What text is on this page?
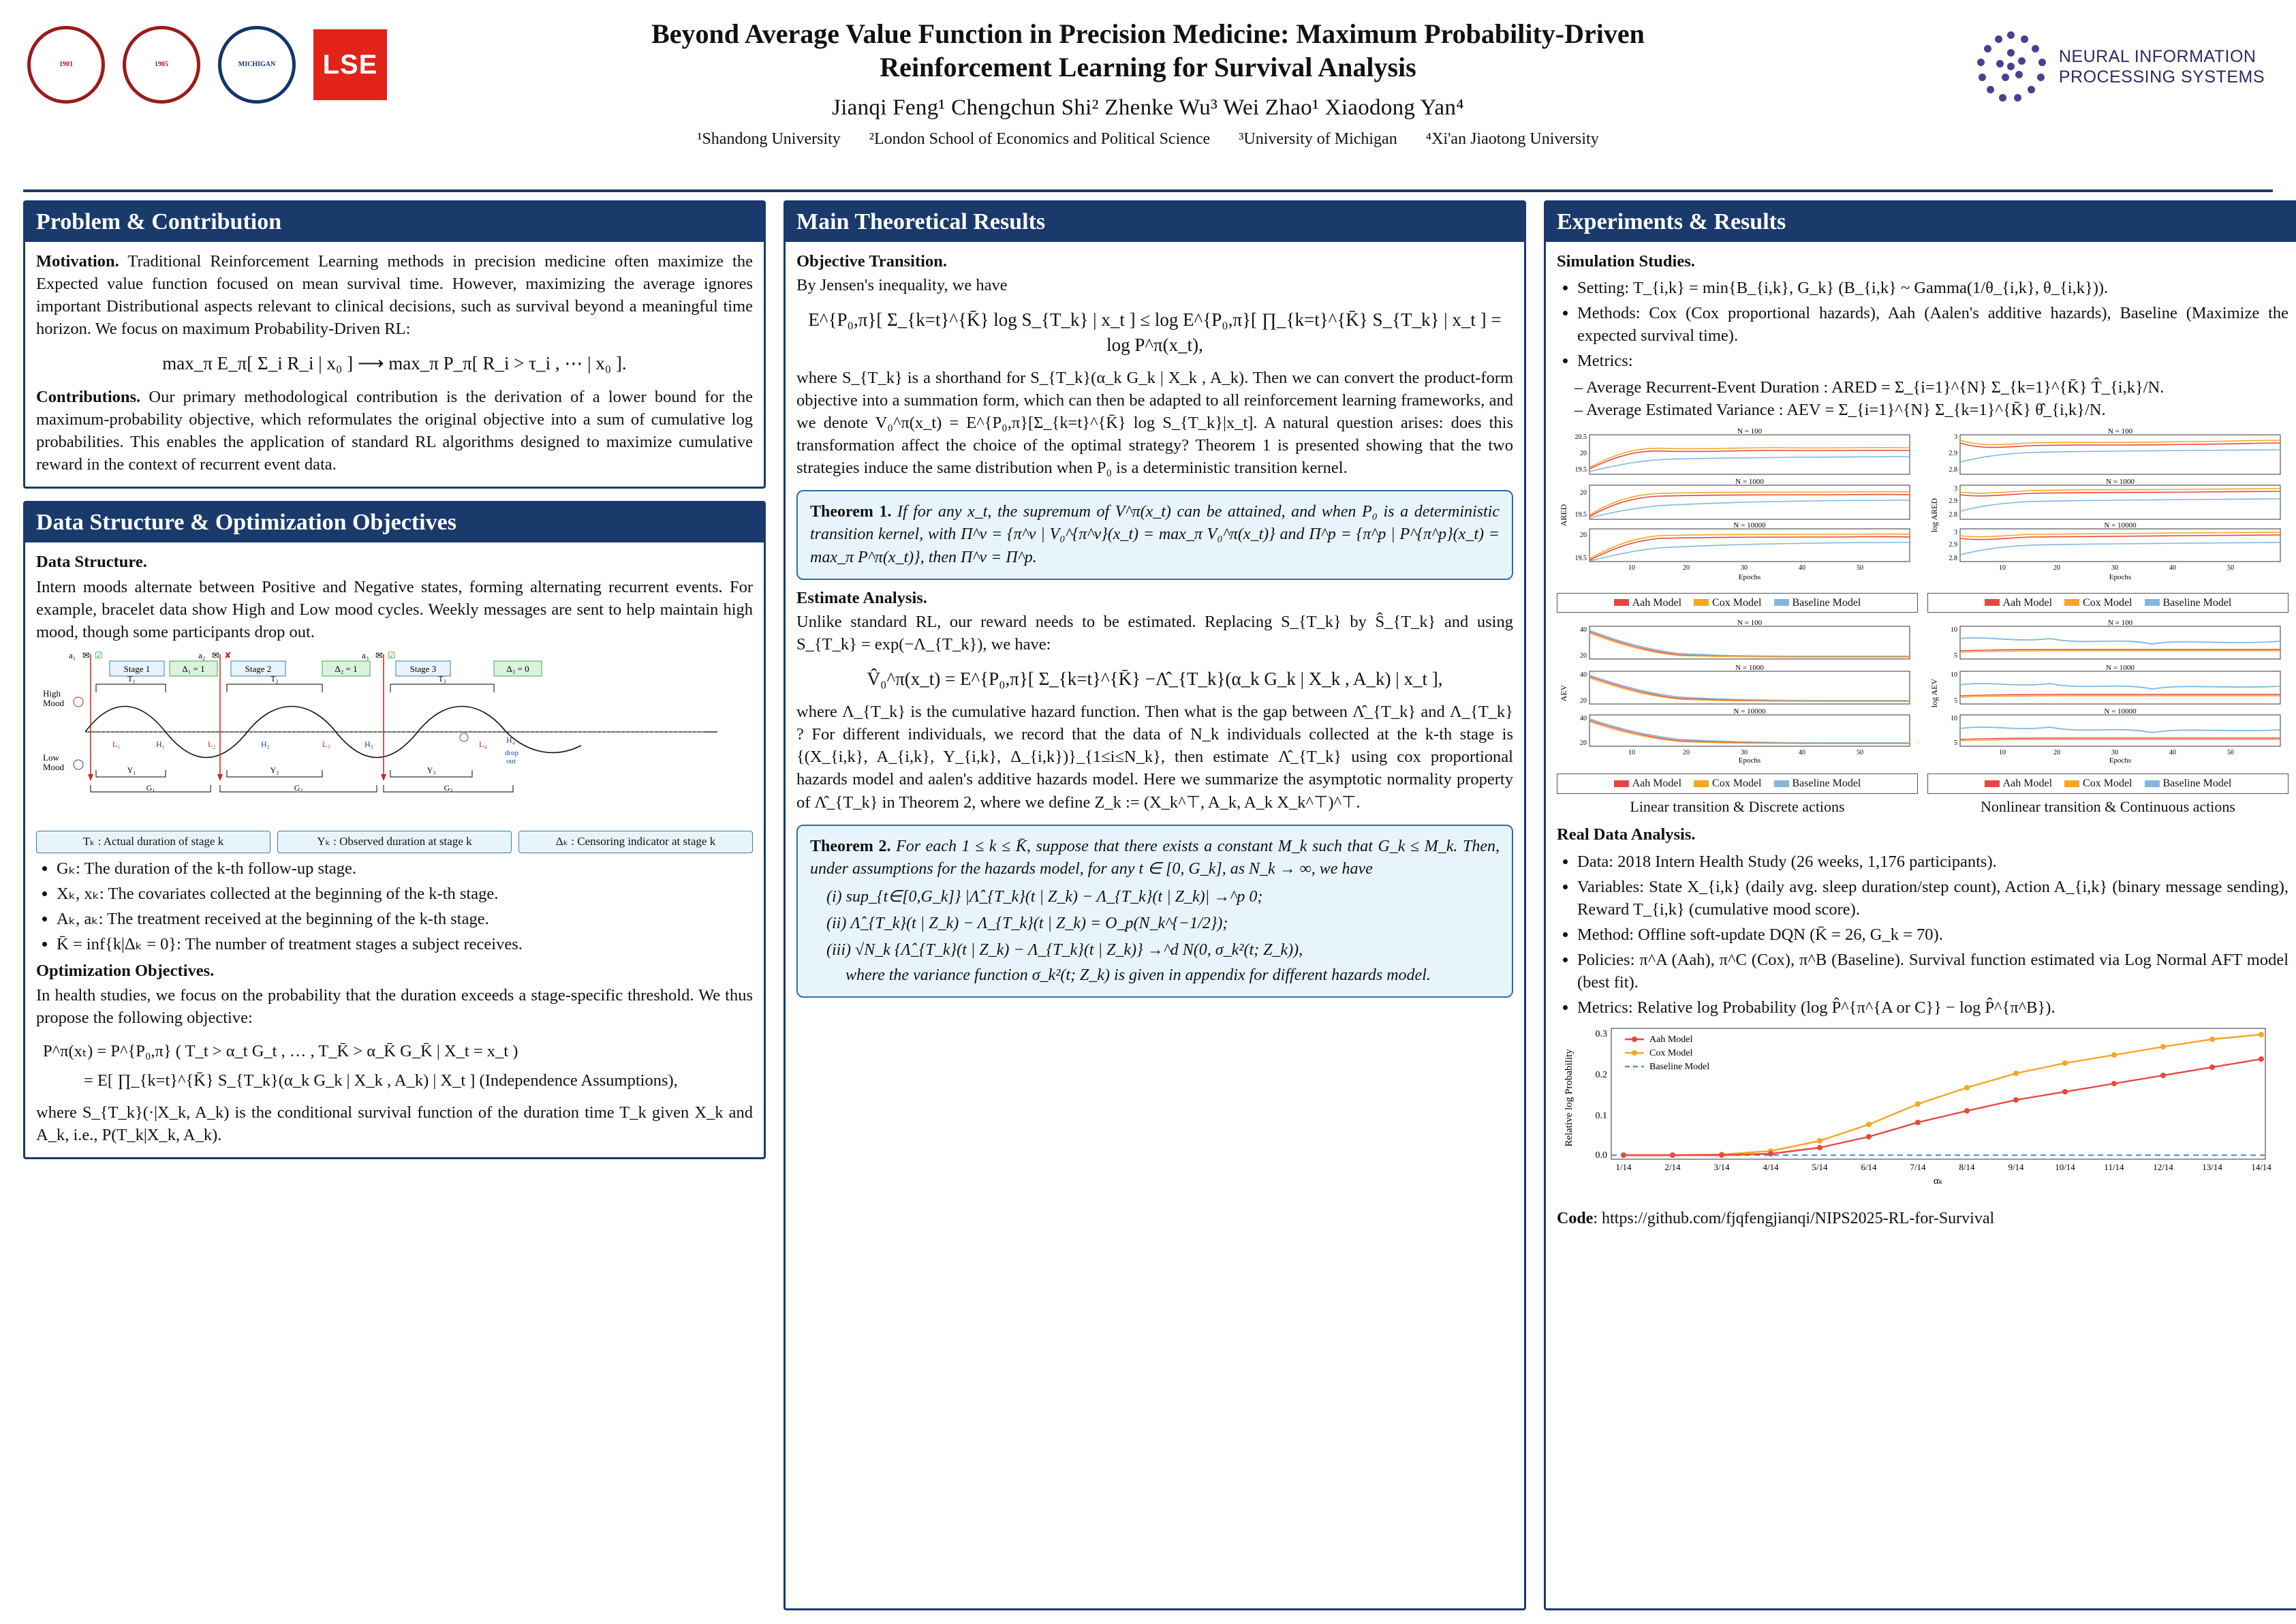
1901	1905	MICHIGAN LSE
Beyond Average Value Function in Precision Medicine: Maximum Probability-Driven
Reinforcement Learning for Survival Analysis
Jianqi Feng¹ Chengchun Shi² Zhenke Wu³ Wei Zhao¹ Xiaodong Yan⁴
¹Shandong University ²London School of Economics and Political Science ³University of Michigan ⁴Xi'an Jiaotong University
NEURAL INFORMATION
PROCESSING SYSTEMS
Problem & Contribution

Motivation. Traditional Reinforcement Learning methods in precision medicine often maximize the Expected value function focused on mean survival time. However, maximizing the average ignores important Distributional aspects relevant to clinical decisions, such as survival beyond a meaningful time horizon. We focus on maximum Probability-Driven RL:

max_π E_π[ Σ_i R_i | x₀ ] ⟶ max_π P_π[ R_i > τ_i , ⋯ | x₀ ].

Contributions. Our primary methodological contribution is the derivation of a lower bound for the maximum-probability objective, which reformulates the original objective into a sum of cumulative log probabilities. This enables the application of standard RL algorithms designed to maximize cumulative reward in the context of recurrent event data.

Data Structure & Optimization Objectives

Data Structure.

Intern moods alternate between Positive and Negative states, forming alternating recurrent events. For example, bracelet data show High and Low mood cycles. Weekly messages are sent to help maintain high mood, though some participants drop out.

Stage 1	Δ₁ = 1	Stage 2	Δ₂ = 1	Stage 3	Δ₃ = 0
a₁ ✉ ☑	a₂ ✉ ✘	a₃ ✉ ☑
High
Mood
Low
Mood
T₁	T₂	T₃
L₁	H₁	L₂	H₂	L₃	H₃	L₄ H₄
drop
out
Y₁	Y₂	Y₃
G₁	G₂	G₃
Tₖ : Actual duration of stage k	Yₖ : Observed duration at stage k	Δₖ : Censoring indicator at stage k
• Gₖ: The duration of the k-th follow-up stage.
• Xₖ, xₖ: The covariates collected at the beginning of the k-th stage.
• Aₖ, aₖ: The treatment received at the beginning of the k-th stage.
• K̄ = inf{k|Δₖ = 0}: The number of treatment stages a subject receives.

Optimization Objectives.

In health studies, we focus on the probability that the duration exceeds a stage-specific threshold. We thus propose the following objective:

P^π(xₜ) = P^{P₀,π} ( T_t > α_t G_t , … , T_K̄ > α_K̄ G_K̄ | X_t = x_t )
= E[ ∏_{k=t}^{K̄} S_{T_k}(α_k G_k | X_k , A_k) | X_t ] (Independence Assumptions),

where S_{T_k}(·|X_k, A_k) is the conditional survival function of the duration time T_k given X_k and A_k, i.e., P(T_k|X_k, A_k).

Main Theoretical Results

Objective Transition.

By Jensen's inequality, we have

E^{P₀,π}[ Σ_{k=t}^{K̄} log S_{T_k} | x_t ] ≤ log E^{P₀,π}[ ∏_{k=t}^{K̄} S_{T_k} | x_t ] = log P^π(x_t),

where S_{T_k} is a shorthand for S_{T_k}(α_k G_k | X_k , A_k). Then we can convert the product-form objective into a summation form, which can then be adapted to all reinforcement learning frameworks, and we denote V₀^π(x_t) = E^{P₀,π}[Σ_{k=t}^{K̄} log S_{T_k}|x_t]. A natural question arises: does this transformation affect the choice of the optimal strategy? Theorem 1 is presented showing that the two strategies induce the same distribution when P₀ is a deterministic transition kernel.

Theorem 1. If for any x_t, the supremum of V^π(x_t) can be attained, and when P₀ is a deterministic transition kernel, with Π^v = {π^v | V₀^{π^v}(x_t) = max_π V₀^π(x_t)} and Π^p = {π^p | P^{π^p}(x_t) = max_π P^π(x_t)}, then Π^v = Π^p.

Estimate Analysis.

Unlike standard RL, our reward needs to be estimated. Replacing S_{T_k} by Ŝ_{T_k} and using S_{T_k} = exp(−Λ_{T_k}), we have:

V̂₀^π(x_t) = E^{P₀,π}[ Σ_{k=t}^{K̄} −Λ̂_{T_k}(α_k G_k | X_k , A_k) | x_t ],

where Λ_{T_k} is the cumulative hazard function. Then what is the gap between Λ̂_{T_k} and Λ_{T_k} ? For different individuals, we record that the data of N_k individuals collected at the k-th stage is {(X_{i,k}, A_{i,k}, Y_{i,k}, Δ_{i,k})}_{1≤i≤N_k}, then estimate Λ̂_{T_k} using cox proportional hazards model and aalen's additive hazards model. Here we summarize the asymptotic normality property of Λ̂_{T_k} in Theorem 2, where we define Z_k := (X_k^⊤, A_k, A_k X_k^⊤)^⊤.

Theorem 2. For each 1 ≤ k ≤ K̄, suppose that there exists a constant M_k such that G_k ≤ M_k. Then, under assumptions for the hazards model, for any t ∈ [0, G_k], as N_k → ∞, we have
(i) sup_{t∈[0,G_k]} |Λ̂_{T_k}(t | Z_k) − Λ_{T_k}(t | Z_k)| →^p 0;
(ii) Λ̂_{T_k}(t | Z_k) − Λ_{T_k}(t | Z_k) = O_p(N_k^{−1/2});
(iii) √N_k {Λ̂_{T_k}(t | Z_k) − Λ_{T_k}(t | Z_k)} →^d N(0, σ_k²(t; Z_k)),
where the variance function σ_k²(t; Z_k) is given in appendix for different hazards model.
Experiments & Results

Simulation Studies.

• Setting: T_{i,k} = min{B_{i,k}, G_k} (B_{i,k} ~ Gamma(1/θ_{i,k}, θ_{i,k})).
• Methods: Cox (Cox proportional hazards), Aah (Aalen's additive hazards), Baseline (Maximize the expected survival time).
• Metrics:
– Average Recurrent-Event Duration : ARED = Σ_{i=1}^{N} Σ_{k=1}^{K̄} T̂_{i,k}/N.
– Average Estimated Variance : AEV = Σ_{i=1}^{N} Σ_{k=1}^{K̄} θ̂_{i,k}/N.
ARED
N = 100
20.5
20
19.5
N = 1000
20
19.5
N = 10000
20
19.5
10	20	30	40	50
Epochs
Aah Model	Cox Model	Baseline Model
log ARED
N = 100
3
2.9
2.8
N = 1000
3
2.9
2.8
N = 10000
3
2.9
2.8
10	20	30	40	50
Epochs
Aah Model	Cox Model	Baseline Model
AEV
N = 100
40
20
N = 1000
40
20
N = 10000
40
20
10	20	30	40	50
Epochs
Aah Model	Cox Model	Baseline Model
Linear transition & Discrete actions
log AEV
N = 100
10
5
N = 1000
10
5
N = 10000
10
5
10	20	30	40	50
Epochs
Aah Model	Cox Model	Baseline Model
Nonlinear transition & Continuous actions

Real Data Analysis.

• Data: 2018 Intern Health Study (26 weeks, 1,176 participants).
• Variables: State X_{i,k} (daily avg. sleep duration/step count), Action A_{i,k} (binary message sending), Reward T_{i,k} (cumulative mood score).
• Method: Offline soft-update DQN (K̄ = 26, G_k = 70).
• Policies: π^A (Aah), π^C (Cox), π^B (Baseline). Survival function estimated via Log Normal AFT model (best fit).
• Metrics: Relative log Probability (log P̂^{π^{A or C}} − log P̂^{π^B}).
Relative log Probability
0.3
0.2
0.1
0.0
Aah Model
Cox Model
Baseline Model
1/14	2/14	3/14	4/14	5/14	6/14	7/14	8/14	9/14	10/14	11/14	12/14	13/14	14/14
αₖ
Code: https://github.com/fjqfengjianqi/NIPS2025-RL-for-Survival
